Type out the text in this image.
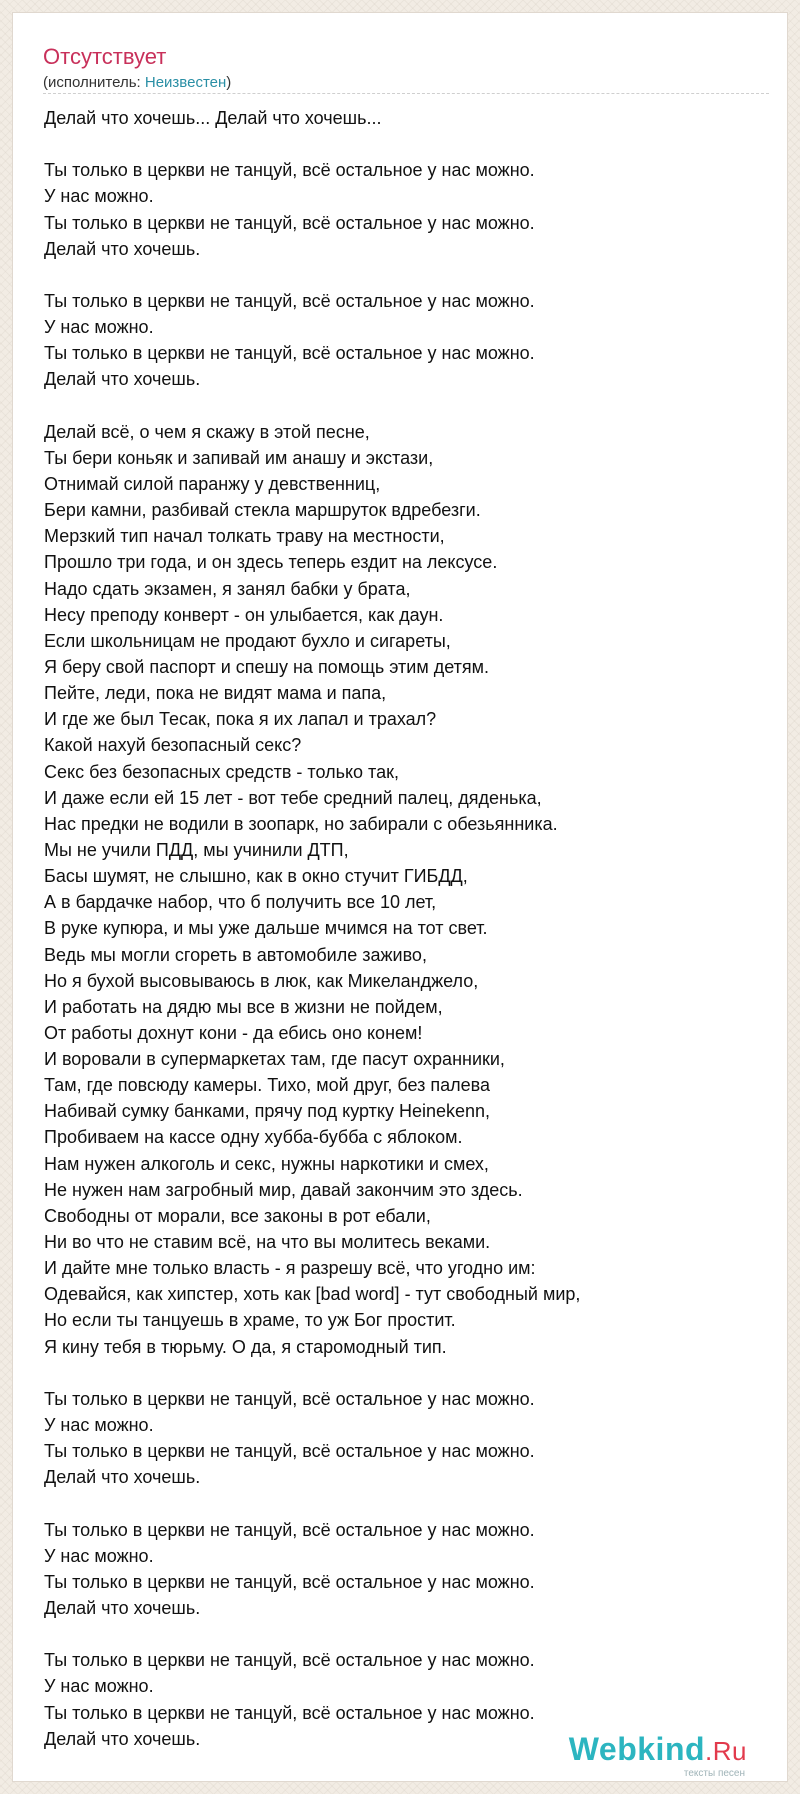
Отсутствует
(исполнитель: Неизвестен)
Делай что хочешь... Делай что хочешь...
Ты только в церкви не танцуй, всё остальное у нас можно.
У нас можно.
Ты только в церкви не танцуй, всё остальное у нас можно.
Делай что хочешь.
Ты только в церкви не танцуй, всё остальное у нас можно.
У нас можно.
Ты только в церкви не танцуй, всё остальное у нас можно.
Делай что хочешь.
Делай всё, о чем я скажу в этой песне,
Ты бери коньяк и запивай им анашу и экстази,
Отнимай силой паранжу у девственниц,
Бери камни, разбивай стекла маршруток вдребезги.
Мерзкий тип начал толкать траву на местности,
Прошло три года, и он здесь теперь ездит на лексусе.
Надо сдать экзамен, я занял бабки у брата,
Несу преподу конверт - он улыбается, как даун.
Если школьницам не продают бухло и сигареты,
Я беру свой паспорт и спешу на помощь этим детям.
Пейте, леди, пока не видят мама и папа,
И где же был Тесак, пока я их лапал и трахал?
Какой нахуй безопасный секс?
Секс без безопасных средств - только так,
И даже если ей 15 лет - вот тебе средний палец, дяденька,
Нас предки не водили в зоопарк, но забирали с обезьянника.
Мы не учили ПДД, мы учинили ДТП,
Басы шумят, не слышно, как в окно стучит ГИБДД,
А в бардачке набор, что б получить все 10 лет,
В руке купюра, и мы уже дальше мчимся на тот свет.
Ведь мы могли сгореть в автомобиле заживо,
Но я бухой высовываюсь в люк, как Микеланджело,
И работать на дядю мы все в жизни не пойдем,
От работы дохнут кони - да ебись оно конем!
И воровали в супермаркетах там, где пасут охранники,
Там, где повсюду камеры. Тихо, мой друг, без палева
Набивай сумку банками, прячу под куртку Heinekenn,
Пробиваем на кассе одну хубба-бубба с яблоком.
Нам нужен алкоголь и секс, нужны наркотики и смех,
Не нужен нам загробный мир, давай закончим это здесь.
Свободны от морали, все законы в рот ебали,
Ни во что не ставим всё, на что вы молитесь веками.
И дайте мне только власть - я разрешу всё, что угодно им:
Одевайся, как хипстер, хоть как [bad word] - тут свободный мир,
Но если ты танцуешь в храме, то уж Бог простит.
Я кину тебя в тюрьму. О да, я старомодный тип.
Ты только в церкви не танцуй, всё остальное у нас можно.
У нас можно.
Ты только в церкви не танцуй, всё остальное у нас можно.
Делай что хочешь.
Ты только в церкви не танцуй, всё остальное у нас можно.
У нас можно.
Ты только в церкви не танцуй, всё остальное у нас можно.
Делай что хочешь.
Ты только в церкви не танцуй, всё остальное у нас можно.
У нас можно.
Ты только в церкви не танцуй, всё остальное у нас можно.
Делай что хочешь.	Webkind.Ru
тексты песен
